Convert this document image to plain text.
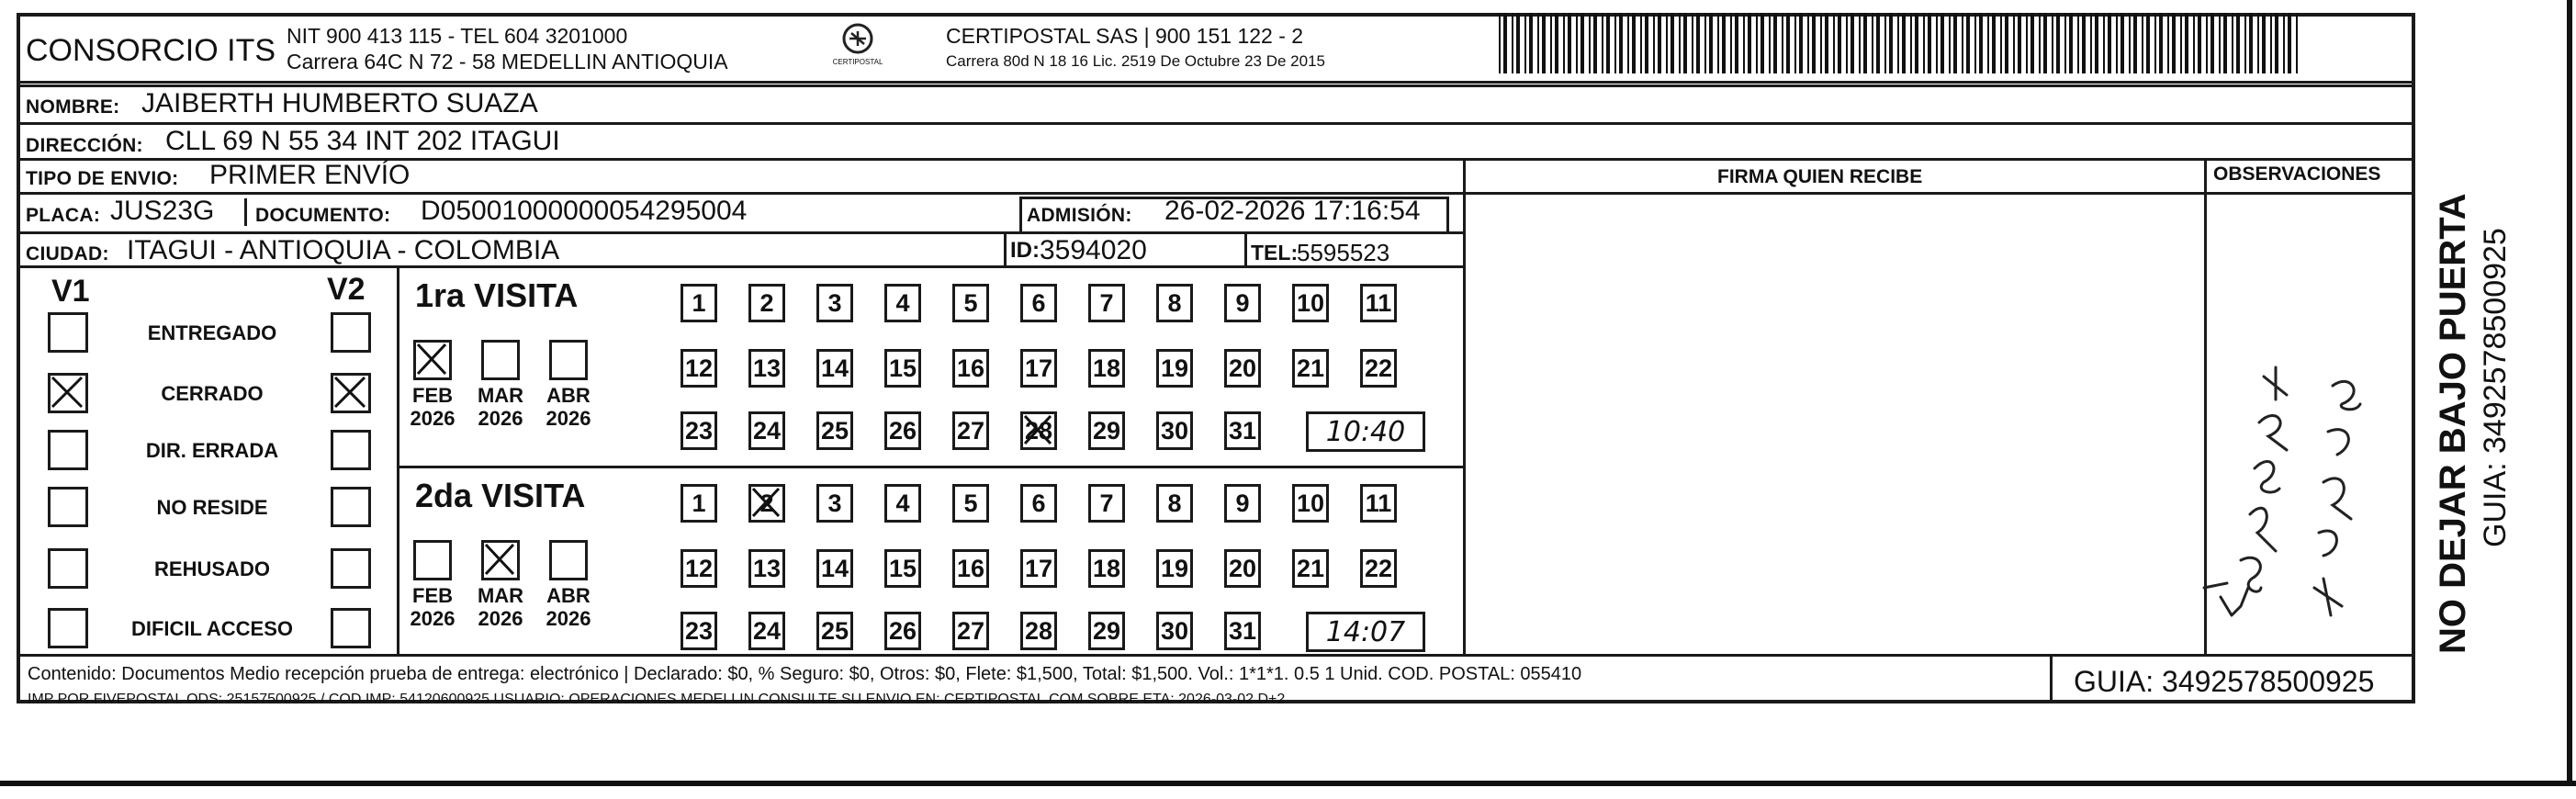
CONSORCIO ITS NIT 900 413 115 - TEL 604 3201000
Carrera 64C N 72 - 58 MEDELLIN ANTIOQUIA	CERTIPOSTAL
CERTIPOSTAL SAS | 900 151 122 - 2
Carrera 80d N 18 16 Lic. 2519 De Octubre 23 De 2015
NOMBRE: JAIBERTH HUMBERTO SUAZA
DIRECCIÓN: CLL 69 N 55 34 INT 202 ITAGUI
TIPO DE ENVIO: PRIMER ENVÍO	FIRMA QUIEN RECIBE	OBSERVACIONES
PLACA: JUS23G DOCUMENTO: D05001000000054295004	ADMISIÓN: 26-02-2026 17:16:54
CIUDAD: ITAGUI - ANTIOQUIA - COLOMBIA	ID: 3594020	TEL:
5595523
V1	V2
ENTREGADO
CERRADO
DIR. ERRADA
NO RESIDE
REHUSADO
DIFICIL ACCESO
1ra VISITA
FEB
2026
MAR
2026
ABR
2026
1	2	3	4	5	6	7	8	9	10 11
12 13 14 15 16 17 18 19 20 21 22
23 24 25 26 27 28 29 30 31	10:40
2da VISITA
FEB
2026
MAR
2026
ABR
2026
1	2	3	4	5	6	7	8	9	10 11
12 13 14 15 16 17 18 19 20 21 22
23 24 25 26 27 28 29 30 31	14:07
Contenido: Documentos Medio recepción prueba de entrega: electrónico | Declarado: $0, % Seguro: $0, Otros: $0, Flete: $1,500, Total: $1,500. Vol.: 1*1*1. 0.5 1 Unid. COD. POSTAL: 055410
IMP POR FIVEPOSTAL ODS: 25157500925 / COD.IMP: 54120600925 USUARIO: OPERACIONES MEDELLIN CONSULTE SU ENVIO EN: CERTIPOSTAL.COM SOBRE ETA: 2026-03-02 D+2
GUIA: 3492578500925
NO DEJAR BAJO PUERTA GUIA: 3492578500925
